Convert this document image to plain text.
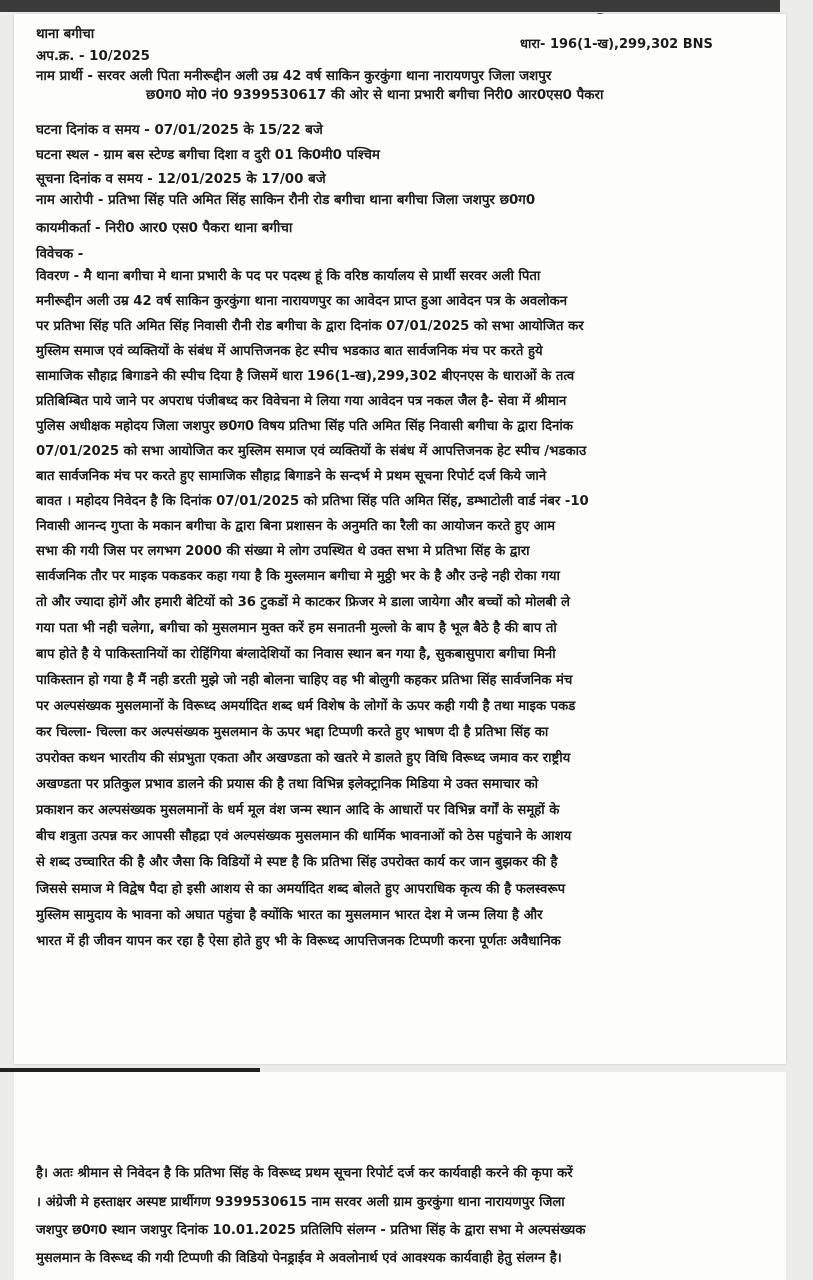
थाना बगीचा
अप.क्र. - 10/2025
धारा- 196(1-ख),299,302 BNS
नाम प्रार्थी - सरवर अली पिता मनीरूद्दीन अली उम्र 42 वर्ष साकिन कुरकुंगा थाना नारायणपुर जिला जशपुर
छ0ग0 मो0 नं0 9399530617 की ओर से थाना प्रभारी बगीचा निरी0 आर0एस0 पैकरा
घटना दिनांक व समय - 07/01/2025 के 15/22 बजे
घटना स्थल - ग्राम बस स्टेण्ड बगीचा दिशा व दुरी 01 कि0मी0 पश्चिम
सूचना दिनांक व समय - 12/01/2025 के 17/00 बजे
नाम आरोपी - प्रतिभा सिंह पति अमित सिंह साकिन रौनी रोड बगीचा थाना बगीचा जिला जशपुर छ0ग0
कायमीकर्ता - निरी0 आर0 एस0 पैकरा थाना बगीचा
विवेचक -
विवरण - मै थाना बगीचा मे थाना प्रभारी के पद पर पदस्थ हूं कि वरिष्ठ कार्यालय से प्रार्थी सरवर अली पिता
मनीरूद्दीन अली उम्र 42 वर्ष साकिन कुरकुंगा थाना नारायणपुर का आवेदन प्राप्त हुआ आवेदन पत्र के अवलोकन
पर प्रतिभा सिंह पति अमित सिंह निवासी रौनी रोड बगीचा के द्वारा दिनांक 07/01/2025 को सभा आयोजित कर
मुस्लिम समाज एवं व्यक्तियों के संबंध में आपत्तिजनक हेट स्पीच भडकाउ बात सार्वजनिक मंच पर करते हुये
सामाजिक सौहाद्र बिगाडने की स्पीच दिया है जिसमें धारा 196(1-ख),299,302 बीएनएस के धाराओं के तत्व
प्रतिबिम्बित पाये जाने पर अपराध पंजीबध्द कर विवेचना मे लिया गया आवेदन पत्र नकल जैल है- सेवा में श्रीमान
पुलिस अधीक्षक महोदय जिला जशपुर छ0ग0 विषय प्रतिभा सिंह पति अमित सिंह निवासी बगीचा के द्वारा दिनांक
07/01/2025 को सभा आयोजित कर मुस्लिम समाज एवं व्यक्तियों के संबंध में आपत्तिजनक हेट स्पीच /भडकाउ
बात सार्वजनिक मंच पर करते हुए सामाजिक सौहाद्र बिगाडने के सन्दर्भ मे प्रथम सूचना रिपोर्ट दर्ज किये जाने
बावत । महोदय निवेदन है कि दिनांक 07/01/2025 को प्रतिभा सिंह पति अमित सिंह, डम्भाटोली वार्ड नंबर -10
निवासी आनन्द गुप्ता के मकान बगीचा के द्वारा बिना प्रशासन के अनुमति का रैली का आयोजन करते हुए आम
सभा की गयी जिस पर लगभग 2000 की संख्या मे लोग उपस्थित थे उक्त सभा मे प्रतिभा सिंह के द्वारा
सार्वजनिक तौर पर माइक पकडकर कहा गया है कि मुस्लमान बगीचा मे मुठ्ठी भर के है और उन्हे नही रोका गया
तो और ज्यादा होगें और हमारी बेटियों को 36 टुकडों मे काटकर फ्रिजर मे डाला जायेगा और बच्चों को मोलबी ले
गया पता भी नही चलेगा, बगीचा को मुसलमान मुक्त करें हम सनातनी मुल्लो के बाप है भूल बैठे है की बाप तो
बाप होते है ये पाकिस्तानियों का रोहिंगिया बंग्लादेशियों का निवास स्थान बन गया है, सुकबासुपारा बगीचा मिनी
पाकिस्तान हो गया है मैं नही डरती मुझे जो नही बोलना चाहिए वह भी बोलुगी कहकर प्रतिभा सिंह सार्वजनिक मंच
पर अल्पसंख्यक मुसलमानों के विरूध्द अमर्यादित शब्द धर्म विशेष के लोगों के ऊपर कही गयी है तथा माइक पकड
कर चिल्ला- चिल्ला कर अल्पसंख्यक मुसलमान के ऊपर भद्दा टिप्पणी करते हुए भाषण दी है प्रतिभा सिंह का
उपरोक्त कथन भारतीय की संप्रभुता एकता और अखण्डता को खतरे मे डालते हुए विधि विरूध्द जमाव कर राष्ट्रीय
अखण्डता पर प्रतिकुल प्रभाव डालने की प्रयास की है तथा विभिन्न इलेक्ट्रानिक मिडिया मे उक्त समाचार को
प्रकाशन कर अल्पसंख्यक मुसलमानों के धर्म मूल वंश जन्म स्थान आदि के आधारों पर विभिन्न वर्गों के समूहों के
बीच शत्रुता उत्पन्न कर आपसी सौहद्रा एवं अल्पसंख्यक मुसलमान की धार्मिक भावनाओं को ठेस पहुंचाने के आशय
से शब्द उच्चारित की है और जैसा कि विडियों मे स्पष्ट है कि प्रतिभा सिंह उपरोक्त कार्य कर जान बुझकर की है
जिससे समाज मे विद्वेष पैदा हो इसी आशय से का अमर्यादित शब्द बोलते हुए आपराधिक कृत्य की है फलस्वरूप
मुस्लिम सामुदाय के भावना को अघात पहुंचा है क्योंकि भारत का मुसलमान भारत देश मे जन्म लिया है और
भारत में ही जीवन यापन कर रहा है ऐसा होते हुए भी के विरूध्द आपत्तिजनक टिप्पणी करना पूर्णतः अवैधानिक
है। अतः श्रीमान से निवेदन है कि प्रतिभा सिंह के विरूध्द प्रथम सूचना रिपोर्ट दर्ज कर कार्यवाही करने की कृपा करें
। अंग्रेजी मे हस्ताक्षर अस्पष्ट प्रार्थीगण 9399530615 नाम सरवर अली ग्राम कुरकुंगा थाना नारायणपुर जिला
जशपुर छ0ग0 स्थान जशपुर दिनांक 10.01.2025 प्रतिलिपि संलग्न - प्रतिभा सिंह के द्वारा सभा मे अल्पसंख्यक
मुसलमान के विरूध्द की गयी टिप्पणी की विडियो पेनड्राईव मे अवलोनार्थ एवं आवश्यक कार्यवाही हेतु संलग्न है।
